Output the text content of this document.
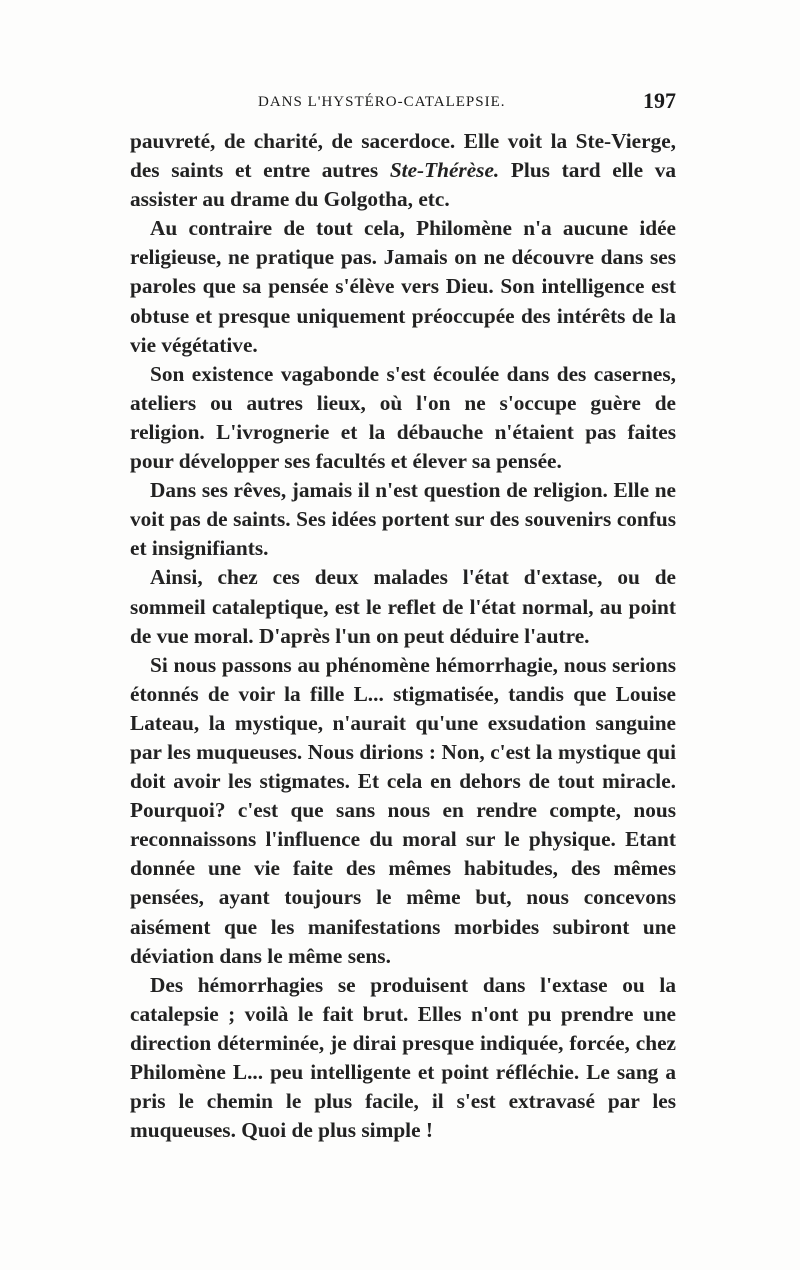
DANS L'HYSTÉRO-CATALEPSIE.	197

pauvreté, de charité, de sacerdoce. Elle voit la Ste-Vierge, des saints et entre autres Ste-Thérèse. Plus tard elle va assister au drame du Golgotha, etc.

Au contraire de tout cela, Philomène n'a aucune idée religieuse, ne pratique pas. Jamais on ne découvre dans ses paroles que sa pensée s'élève vers Dieu. Son intelligence est obtuse et presque uniquement préoccupée des intérêts de la vie végétative.

Son existence vagabonde s'est écoulée dans des casernes, ateliers ou autres lieux, où l'on ne s'occupe guère de religion. L'ivrognerie et la débauche n'étaient pas faites pour développer ses facultés et élever sa pensée.

Dans ses rêves, jamais il n'est question de religion. Elle ne voit pas de saints. Ses idées portent sur des souvenirs confus et insignifiants.

Ainsi, chez ces deux malades l'état d'extase, ou de sommeil cataleptique, est le reflet de l'état normal, au point de vue moral. D'après l'un on peut déduire l'autre.

Si nous passons au phénomène hémorrhagie, nous serions étonnés de voir la fille L... stigmatisée, tandis que Louise Lateau, la mystique, n'aurait qu'une exsudation sanguine par les muqueuses. Nous dirions : Non, c'est la mystique qui doit avoir les stigmates. Et cela en dehors de tout miracle. Pourquoi? c'est que sans nous en rendre compte, nous reconnaissons l'influence du moral sur le physique. Etant donnée une vie faite des mêmes habitudes, des mêmes pensées, ayant toujours le même but, nous concevons aisément que les manifestations morbides subiront une déviation dans le même sens.

Des hémorrhagies se produisent dans l'extase ou la catalepsie ; voilà le fait brut. Elles n'ont pu prendre une direction déterminée, je dirai presque indiquée, forcée, chez Philomène L... peu intelligente et point réfléchie. Le sang a pris le chemin le plus facile, il s'est extravasé par les muqueuses. Quoi de plus simple !
